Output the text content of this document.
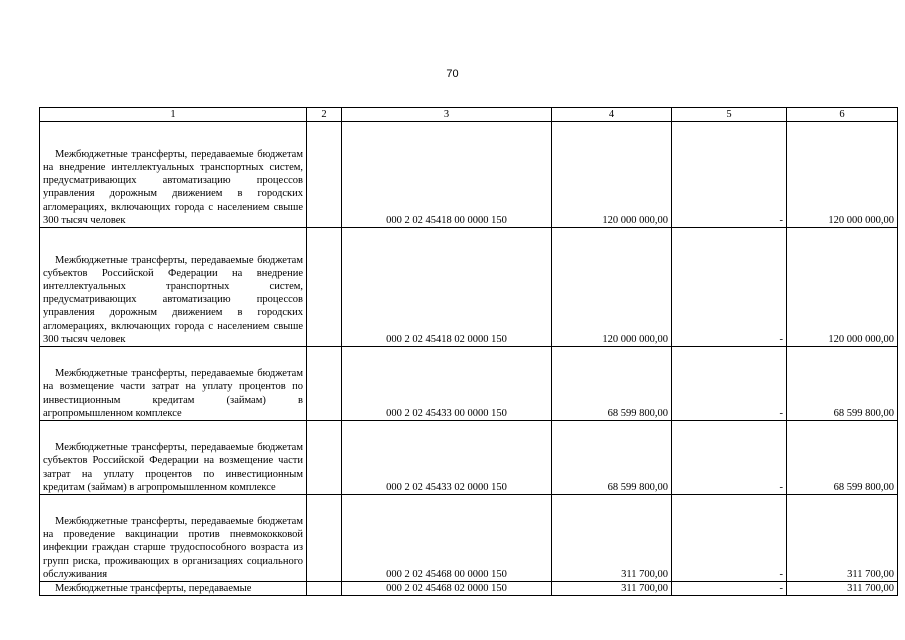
70
1	2	3	4	5	6

Межбюджетные трансферты, передаваемые бюджетам на внедрение интеллектуальных транспортных систем, предусматривающих автоматизацию процессов управления дорожным движением в городских агломерациях, включающих города с населением свыше 300 тысяч человек		000 2 02 45418 00 0000 150	120 000 000,00	-	120 000 000,00

Межбюджетные трансферты, передаваемые бюджетам субъектов Российской Федерации на внедрение интеллектуальных транспортных систем, предусматривающих автоматизацию процессов управления дорожным движением в городских агломерациях, включающих города с населением свыше 300 тысяч человек		000 2 02 45418 02 0000 150	120 000 000,00	-	120 000 000,00

Межбюджетные трансферты, передаваемые бюджетам на возмещение части затрат на уплату процентов по инвестиционным кредитам (займам) в агропромышленном комплексе		000 2 02 45433 00 0000 150	68 599 800,00	-	68 599 800,00

Межбюджетные трансферты, передаваемые бюджетам субъектов Российской Федерации на возмещение части затрат на уплату процентов по инвестиционным кредитам (займам) в агропромышленном комплексе		000 2 02 45433 02 0000 150	68 599 800,00	-	68 599 800,00

Межбюджетные трансферты, передаваемые бюджетам на проведение вакцинации против пневмококковой инфекции граждан старше трудоспособного возраста из групп риска, проживающих в организациях социального обслуживания		000 2 02 45468 00 0000 150	311 700,00	-	311 700,00

Межбюджетные трансферты, передаваемые		000 2 02 45468 02 0000 150	311 700,00	-	311 700,00
